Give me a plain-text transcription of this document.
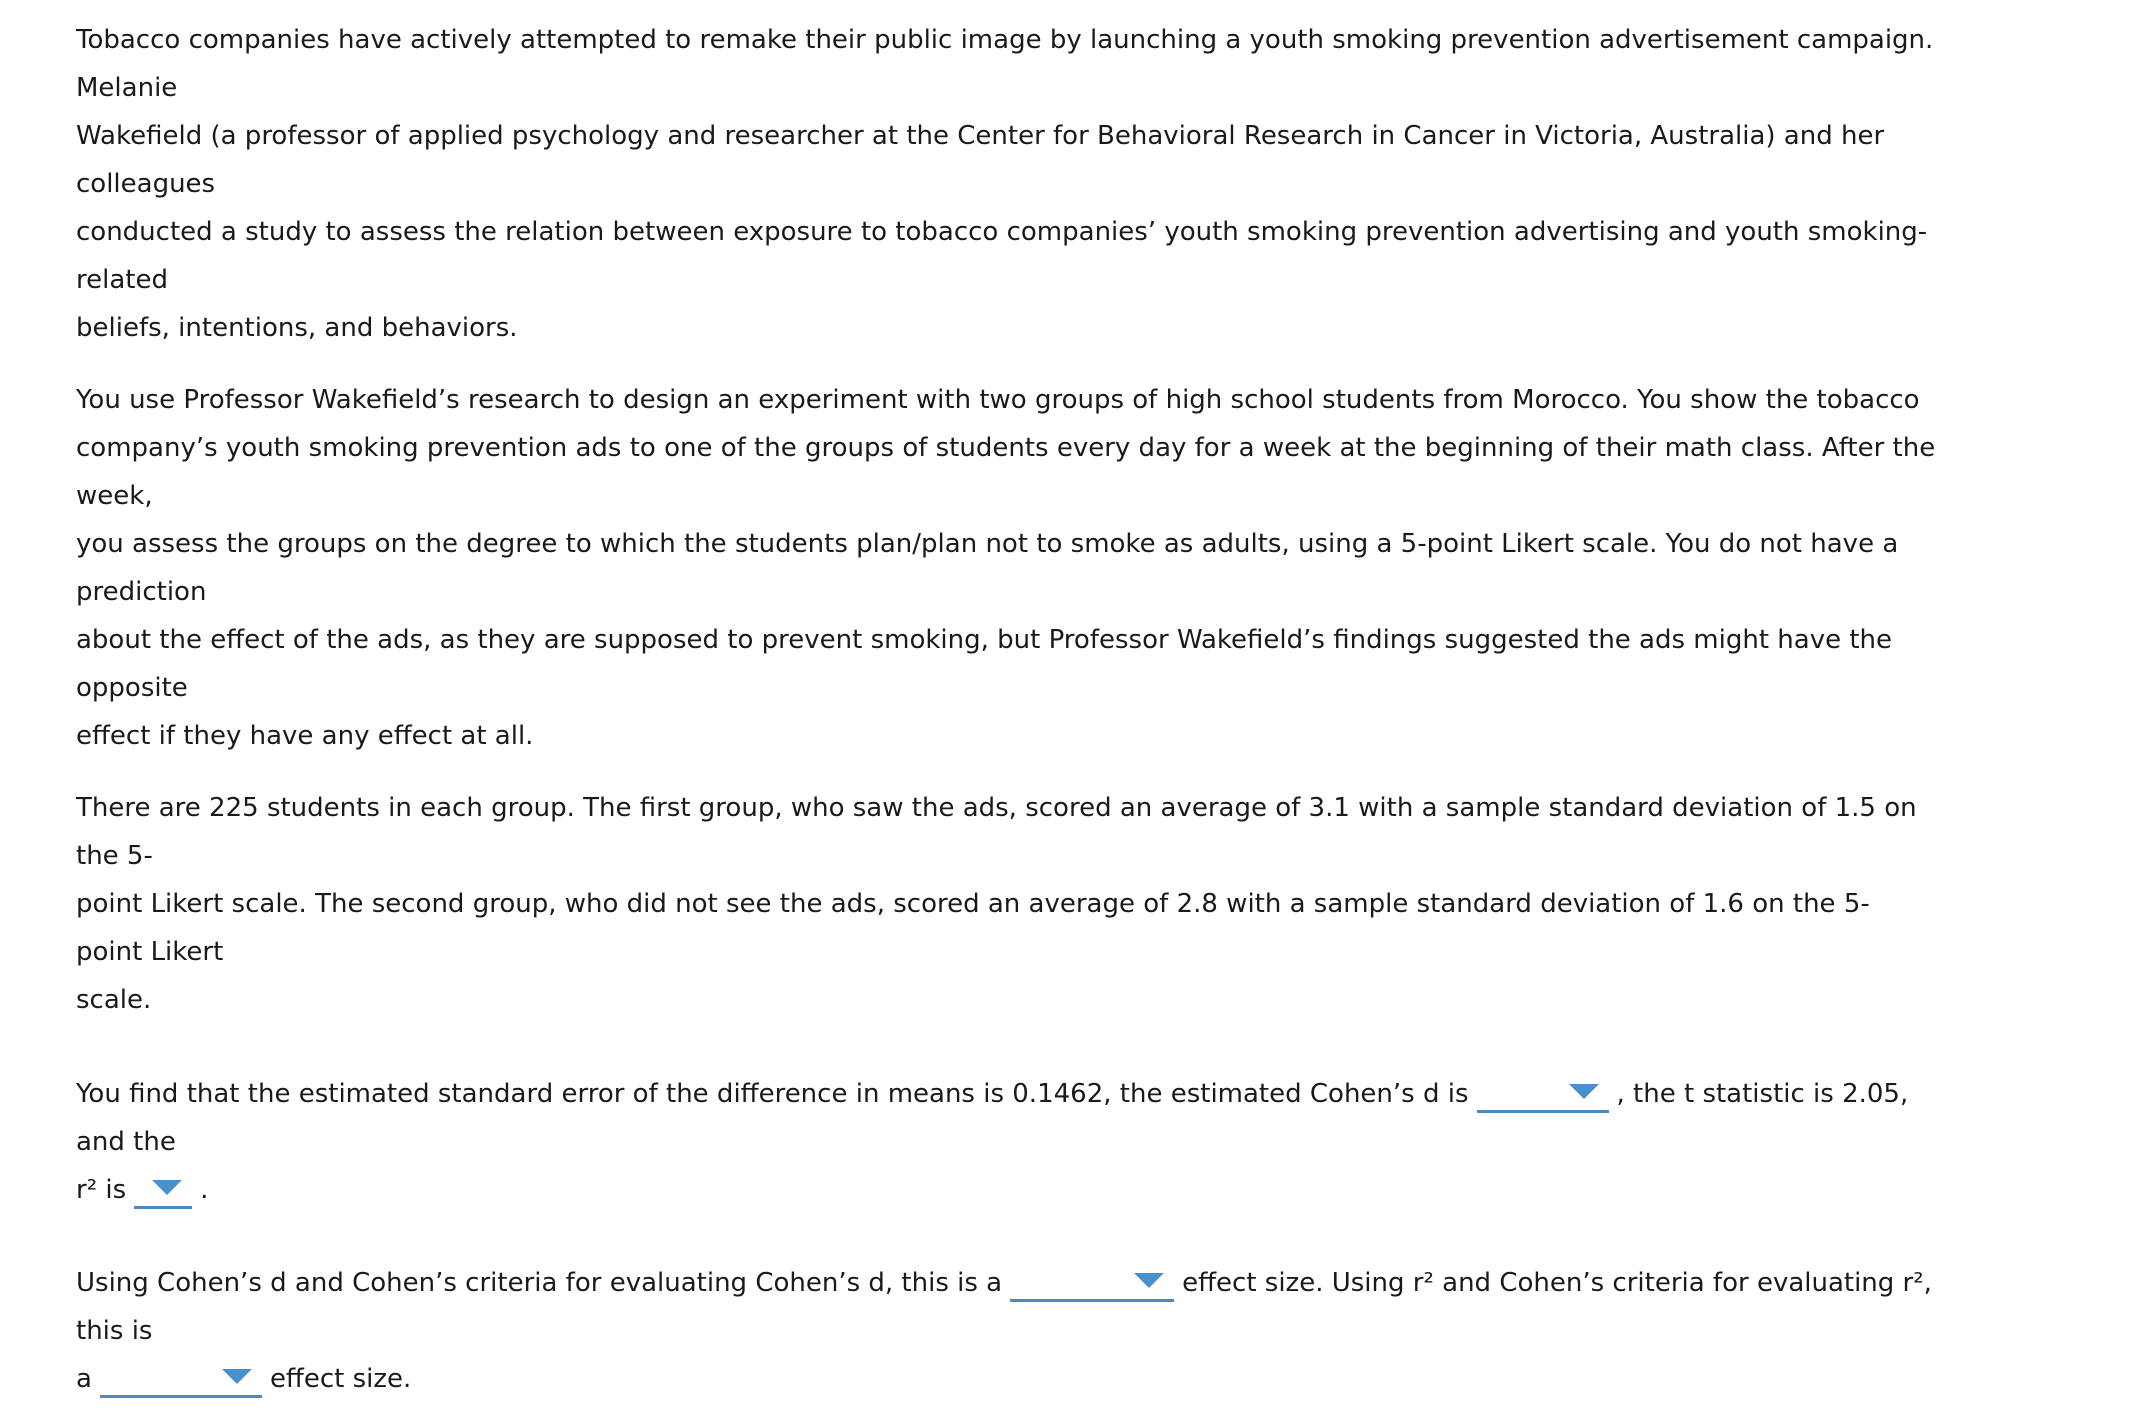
Tobacco companies have actively attempted to remake their public image by launching a youth smoking prevention advertisement campaign. Melanie
Wakefield (a professor of applied psychology and researcher at the Center for Behavioral Research in Cancer in Victoria, Australia) and her colleagues
conducted a study to assess the relation between exposure to tobacco companies’ youth smoking prevention advertising and youth smoking-related
beliefs, intentions, and behaviors.

You use Professor Wakefield’s research to design an experiment with two groups of high school students from Morocco. You show the tobacco
company’s youth smoking prevention ads to one of the groups of students every day for a week at the beginning of their math class. After the week,
you assess the groups on the degree to which the students plan/plan not to smoke as adults, using a 5-point Likert scale. You do not have a prediction
about the effect of the ads, as they are supposed to prevent smoking, but Professor Wakefield’s findings suggested the ads might have the opposite
effect if they have any effect at all.

There are 225 students in each group. The first group, who saw the ads, scored an average of 3.1 with a sample standard deviation of 1.5 on the 5-
point Likert scale. The second group, who did not see the ads, scored an average of 2.8 with a sample standard deviation of 1.6 on the 5-point Likert
scale.

You find that the estimated standard error of the difference in means is 0.1462, the estimated Cohen’s d is	, the t statistic is 2.05, and the
r² is	.

Using Cohen’s d and Cohen’s criteria for evaluating Cohen’s d, this is a	effect size. Using r² and Cohen’s criteria for evaluating r², this is
a	effect size.
